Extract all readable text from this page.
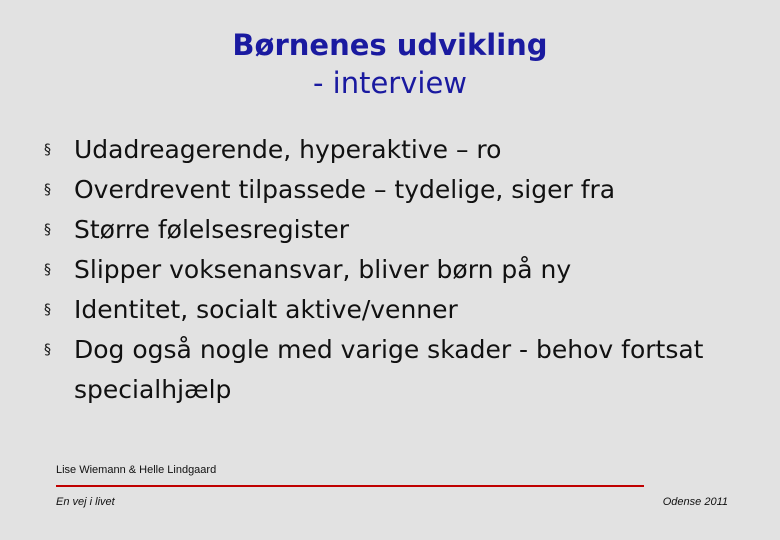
Børnenes udvikling
- interview
§ Udadreagerende, hyperaktive – ro
§ Overdrevent tilpassede – tydelige, siger fra
§ Større følelsesregister
§ Slipper voksenansvar, bliver børn på ny
§ Identitet, socialt aktive/venner
§ Dog også nogle med varige skader - behov fortsat specialhjælp
Lise Wiemann & Helle Lindgaard
En vej i livet	Odense 2011
